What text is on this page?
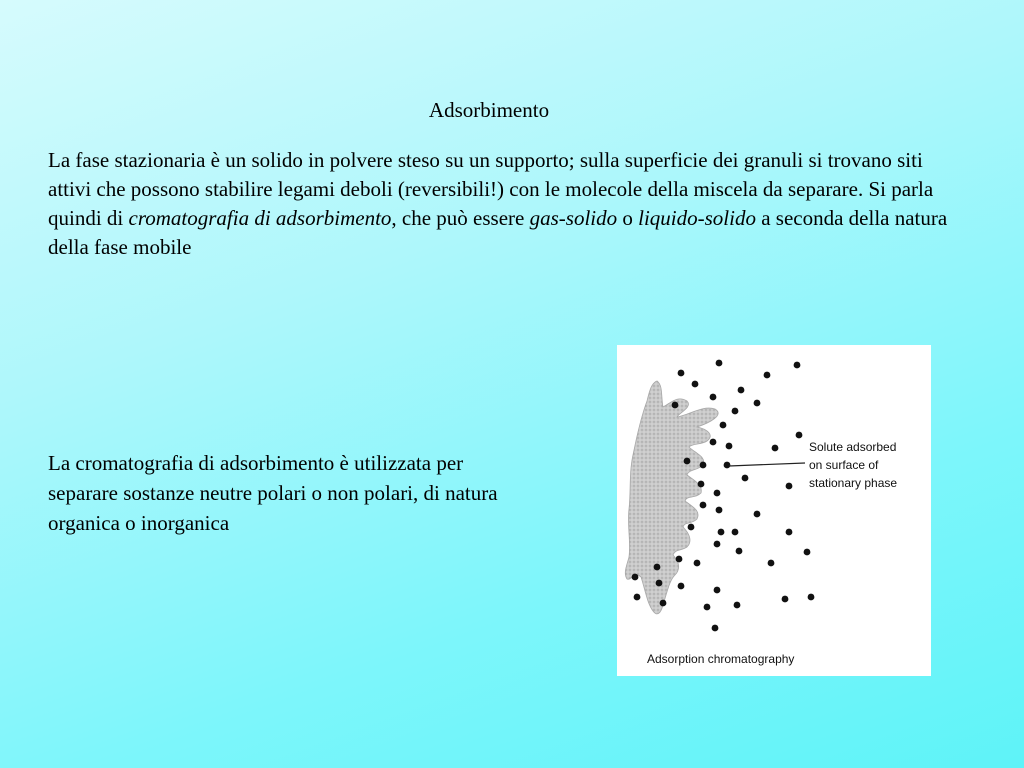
Adsorbimento
La fase stazionaria è un solido in polvere steso su un supporto; sulla superficie dei granuli si trovano siti attivi che possono stabilire legami deboli (reversibili!) con le molecole della miscela da separare. Si parla quindi di cromatografia di adsorbimento, che può essere gas-solido o liquido-solido a seconda della natura della fase mobile
La cromatografia di adsorbimento è utilizzata per separare sostanze neutre polari o non polari, di natura organica o inorganica
Solute adsorbed
on surface of
stationary phase
Adsorption chromatography
